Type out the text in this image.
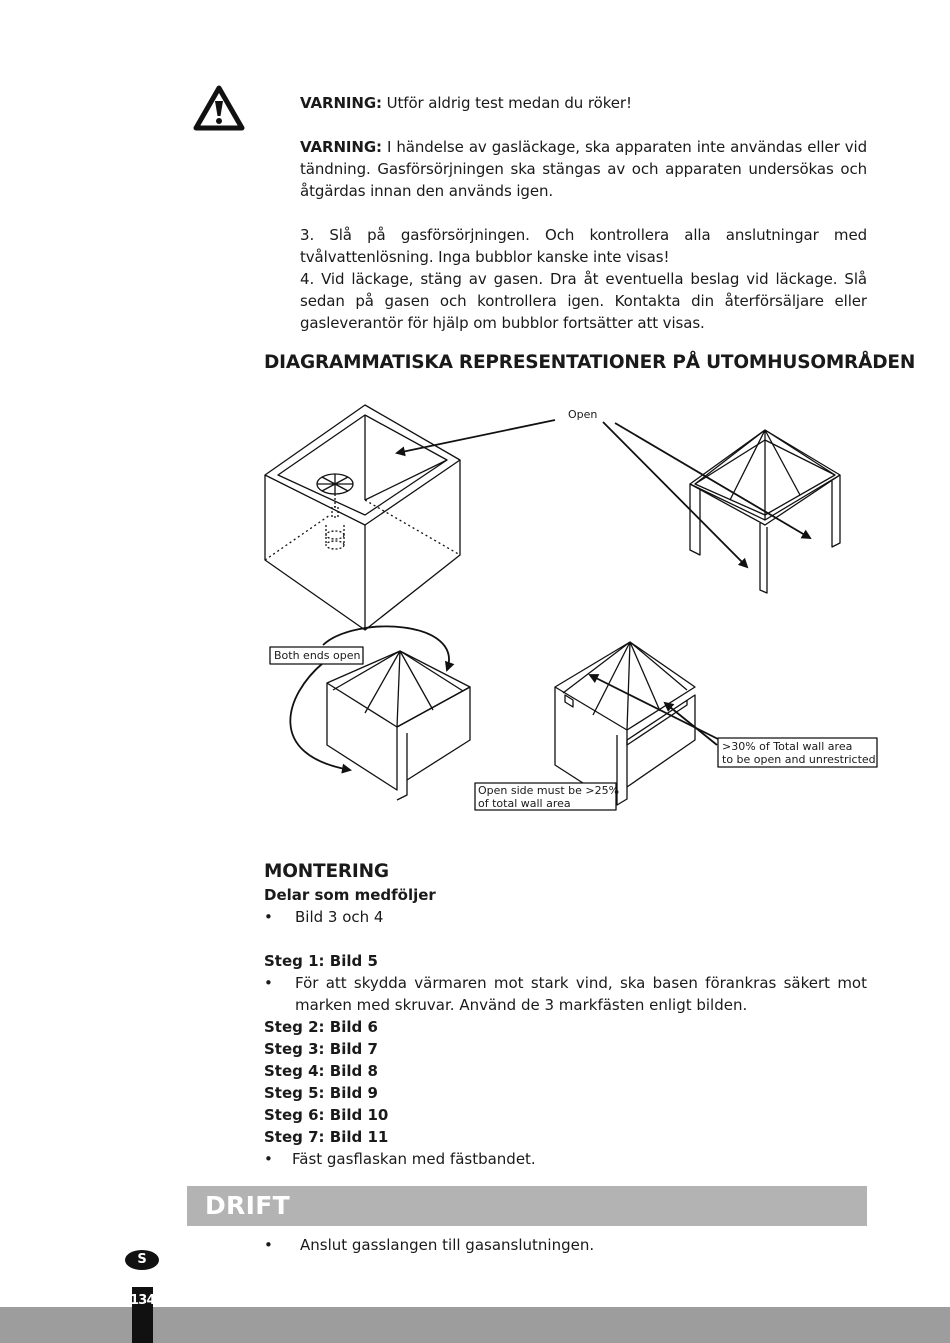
VARNING: Utför aldrig test medan du röker!

VARNING: I händelse av gasläckage, ska apparaten inte användas eller vid tändning. Gasförsörjningen ska stängas av och apparaten undersökas och åtgärdas innan den används igen.

3. Slå på gasförsörjningen. Och kontrollera alla anslutningar med tvålvattenlösning. Inga bubblor kanske inte visas!

4. Vid läckage, stäng av gasen. Dra åt eventuella beslag vid läckage. Slå sedan på gasen och kontrollera igen. Kontakta din återförsäljare eller gasleverantör för hjälp om bubblor fortsätter att visas.

DIAGRAMMATISKA REPRESENTATIONER PÅ UTOMHUSOMRÅDEN
Open
Both ends open
>30% of Total wall area
to be open and unrestricted
Open side must be >25%
of total wall area
MONTERING

Delar som medföljer

• Bild 3 och 4

Steg 1: Bild 5

• För att skydda värmaren mot stark vind, ska basen förankras säkert mot marken med skruvar. Använd de 3 markfästen enligt bilden.

Steg 2: Bild 6

Steg 3: Bild 7

Steg 4: Bild 8

Steg 5: Bild 9

Steg 6: Bild 10

Steg 7: Bild 11

• Fäst gasflaskan med fästbandet.

DRIFT
• Anslut gasslangen till gasanslutningen.
S
134
